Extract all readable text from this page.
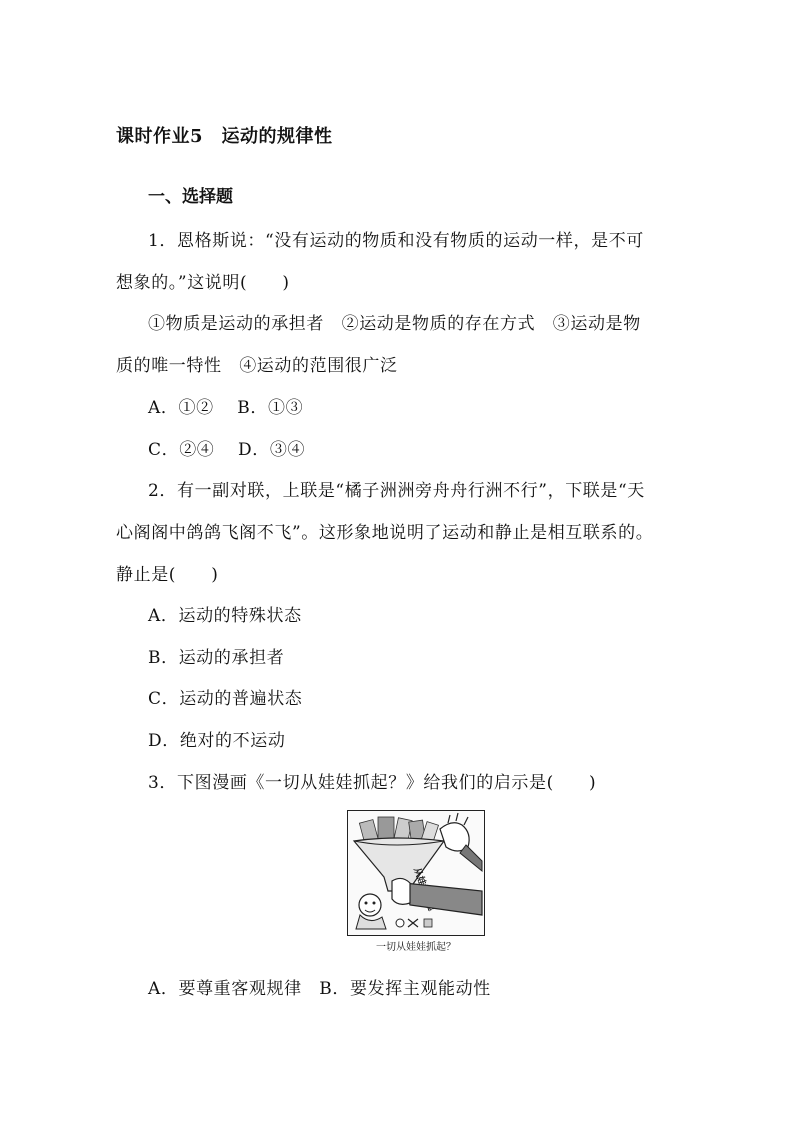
课时作业5　运动的规律性
一、选择题
1．恩格斯说：“没有运动的物质和没有物质的运动一样，是不可
想象的。”这说明(　　)
①物质是运动的承担者　②运动是物质的存在方式　③运动是物
质的唯一特性　④运动的范围很广泛
A．①②　 B．①③
C．②④　 D．③④
2．有一副对联，上联是“橘子洲洲旁舟舟行洲不行”，下联是“天
心阁阁中鸽鸽飞阁不飞”。这形象地说明了运动和静止是相互联系的。
静止是(　　)
A．运动的特殊状态
B．运动的承担者
C．运动的普遍状态
D．绝对的不运动
3．下图漫画《一切从娃娃抓起？》给我们的启示是(　　)
一切从娃娃抓起？
A．要尊重客观规律　B．要发挥主观能动性
